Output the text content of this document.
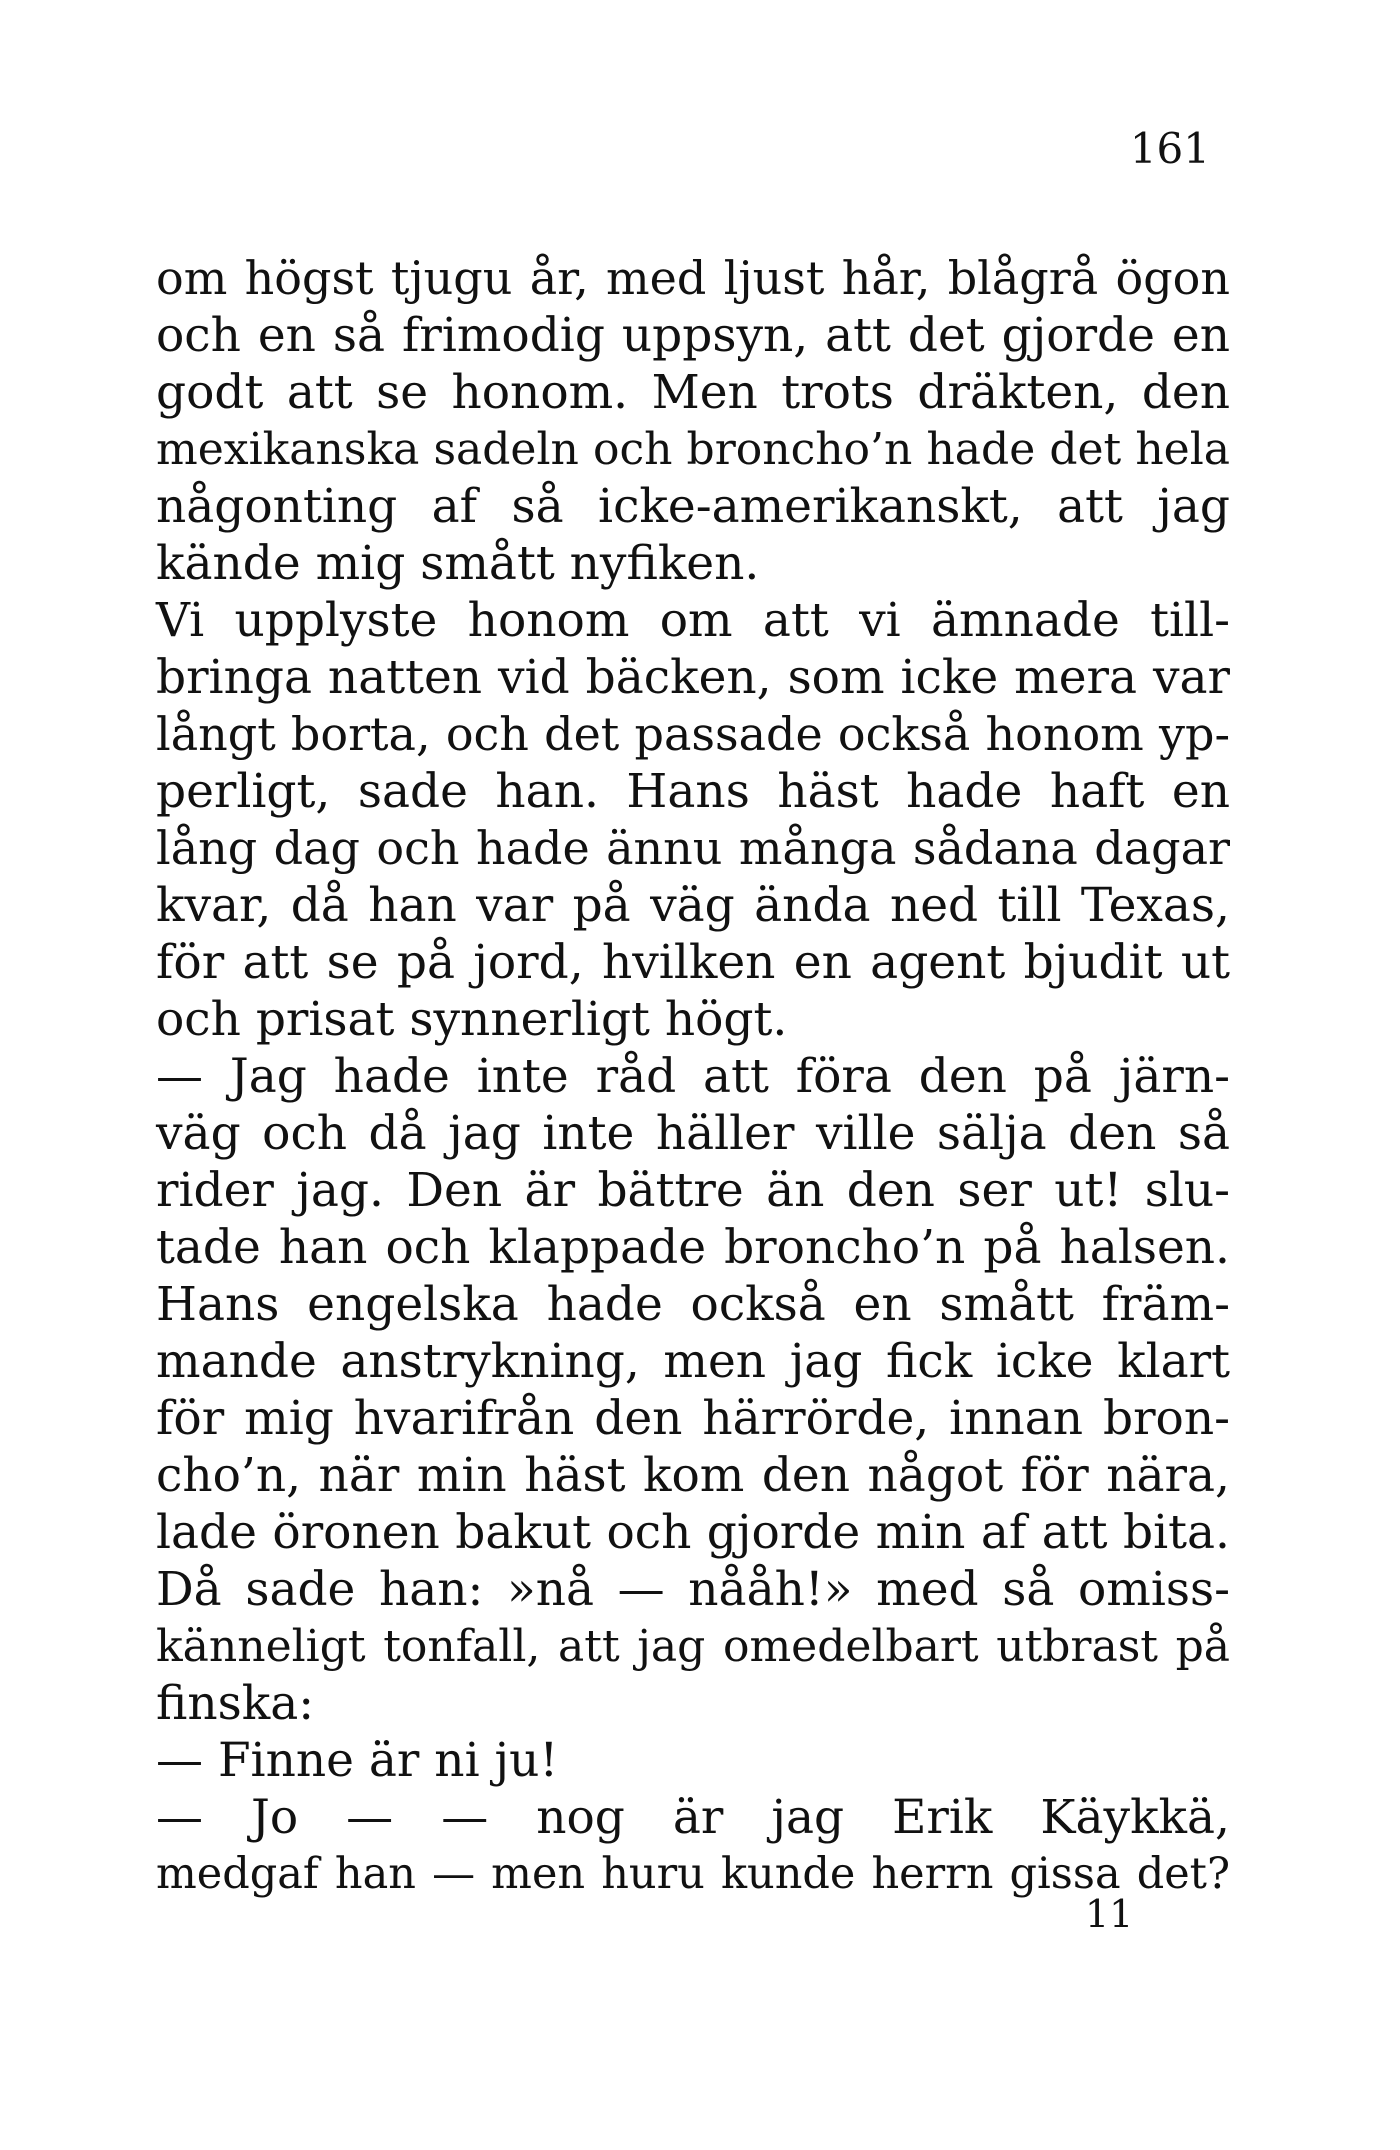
161
om högst tjugu år, med ljust hår, blågrå ögon
och en så frimodig uppsyn, att det gjorde en
godt att se honom. Men trots dräkten, den
mexikanska sadeln och broncho’n hade det hela
någonting af så icke-amerikanskt, att jag
kände mig smått nyfiken.
Vi upplyste honom om att vi ämnade till-
bringa natten vid bäcken, som icke mera var
långt borta, och det passade också honom yp-
perligt, sade han. Hans häst hade haft en
lång dag och hade ännu många sådana dagar
kvar, då han var på väg ända ned till Texas,
för att se på jord, hvilken en agent bjudit ut
och prisat synnerligt högt.
— Jag hade inte råd att föra den på järn-
väg och då jag inte häller ville sälja den så
rider jag. Den är bättre än den ser ut! slu-
tade han och klappade broncho’n på halsen.
Hans engelska hade också en smått främ-
mande anstrykning, men jag fick icke klart
för mig hvarifrån den härrörde, innan bron-
cho’n, när min häst kom den något för nära,
lade öronen bakut och gjorde min af att bita.
Då sade han: »nå — nååh!» med så omiss-
känneligt tonfall, att jag omedelbart utbrast på
finska:
— Finne är ni ju!
— Jo — — nog är jag Erik Käykkä,
medgaf han — men huru kunde herrn gissa det?
11
